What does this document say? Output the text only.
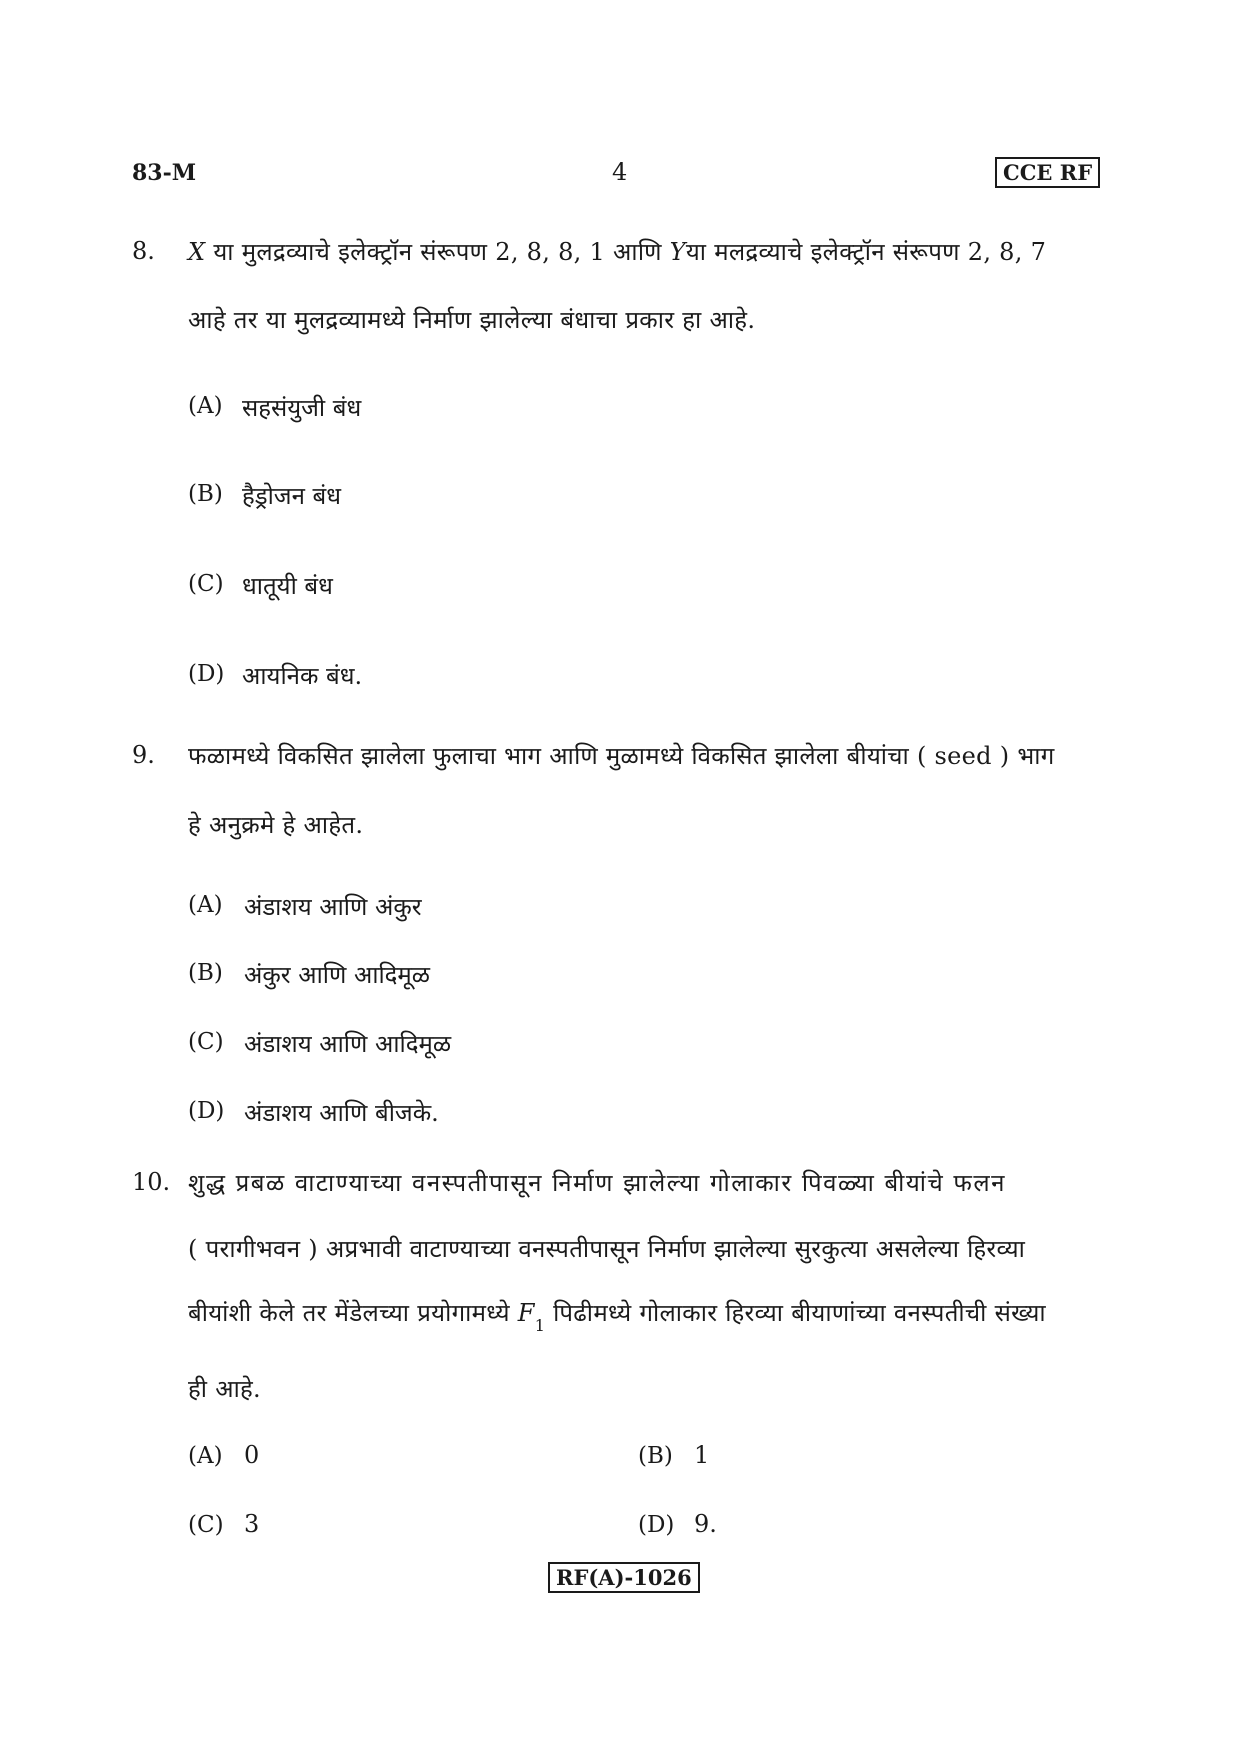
83-M	4	CCE RF
8. X या मुलद्रव्याचे इलेक्ट्रॉन संरूपण 2, 8, 8, 1 आणि Yया मलद्रव्याचे इलेक्ट्रॉन संरूपण 2, 8, 7
आहे तर या मुलद्रव्यामध्ये निर्माण झालेल्या बंधाचा प्रकार हा आहे.
(A) सहसंयुजी बंध
(B) हैड्रोजन बंध
(C) धातूयी बंध
(D) आयनिक बंध.
9. फळामध्ये विकसित झालेला फुलाचा भाग आणि मुळामध्ये विकसित झालेला बीयांचा ( seed ) भाग
हे अनुक्रमे हे आहेत.
(A) अंडाशय आणि अंकुर
(B) अंकुर आणि आदिमूळ
(C) अंडाशय आणि आदिमूळ
(D) अंडाशय आणि बीजके.
10. शुद्ध प्रबळ वाटाण्याच्या वनस्पतीपासून निर्माण झालेल्या गोलाकार पिवळ्या बीयांचे फलन
( परागीभवन ) अप्रभावी वाटाण्याच्या वनस्पतीपासून निर्माण झालेल्या सुरकुत्या असलेल्या हिरव्या
बीयांशी केले तर मेंडेलच्या प्रयोगामध्ये $F_1$ पिढीमध्ये गोलाकार हिरव्या बीयाणांच्या वनस्पतीची संख्या
ही आहे.
(A) 0	(B) 1
(C) 3	(D) 9.
RF(A)-1026
